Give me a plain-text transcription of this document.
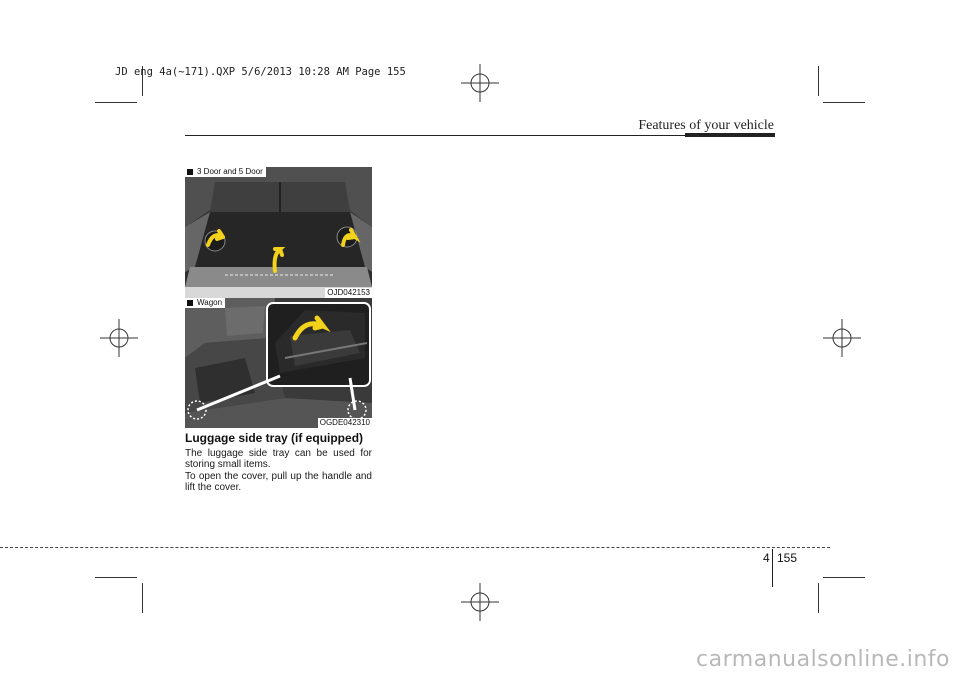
JD eng 4a(~171).QXP 5/6/2013 10:28 AM Page 155
Features of your vehicle
3 Door and 5 Door
OJD042153
Wagon
OGDE042310
Luggage side tray (if equipped)

The luggage side tray can be used for storing small items.

To open the cover, pull up the handle and lift the cover.

4 155
carmanualsonline.info
